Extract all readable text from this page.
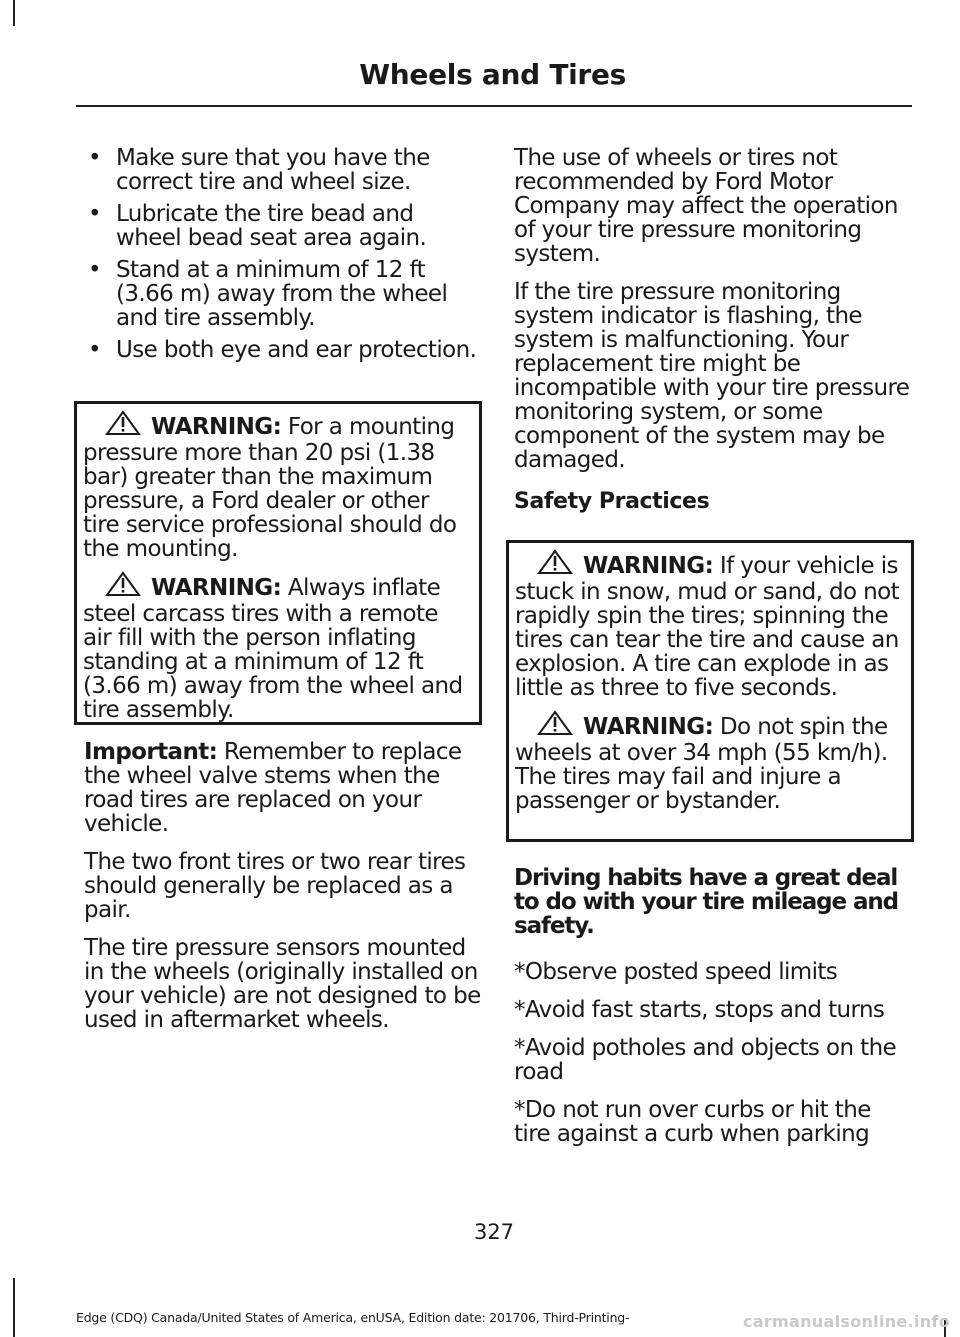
Wheels and Tires
• Make sure that you have the correct tire and wheel size.
• Lubricate the tire bead and wheel bead seat area again.
• Stand at a minimum of 12 ft (3.66 m) away from the wheel and tire assembly.
• Use both eye and ear protection.
WARNING: For a mounting pressure more than 20 psi (1.38 bar) greater than the maximum pressure, a Ford dealer or other tire service professional should do the mounting.
WARNING: Always inflate steel carcass tires with a remote air fill with the person inflating standing at a minimum of 12 ft (3.66 m) away from the wheel and tire assembly.

Important: Remember to replace the wheel valve stems when the road tires are replaced on your vehicle.

The two front tires or two rear tires should generally be replaced as a pair.

The tire pressure sensors mounted in the wheels (originally installed on your vehicle) are not designed to be used in aftermarket wheels.

The use of wheels or tires not recommended by Ford Motor Company may affect the operation of your tire pressure monitoring system.

If the tire pressure monitoring system indicator is flashing, the system is malfunctioning. Your replacement tire might be incompatible with your tire pressure monitoring system, or some component of the system may be damaged.

Safety Practices
WARNING: If your vehicle is stuck in snow, mud or sand, do not rapidly spin the tires; spinning the tires can tear the tire and cause an explosion. A tire can explode in as little as three to five seconds.
WARNING: Do not spin the wheels at over 34 mph (55 km/h). The tires may fail and injure a passenger or bystander.
Driving habits have a great deal to do with your tire mileage and safety.

*Observe posted speed limits

*Avoid fast starts, stops and turns

*Avoid potholes and objects on the road

*Do not run over curbs or hit the tire against a curb when parking

327
Edge (CDQ) Canada/United States of America, enUSA, Edition date: 201706, Third-Printing-	carmanualsonline.info
